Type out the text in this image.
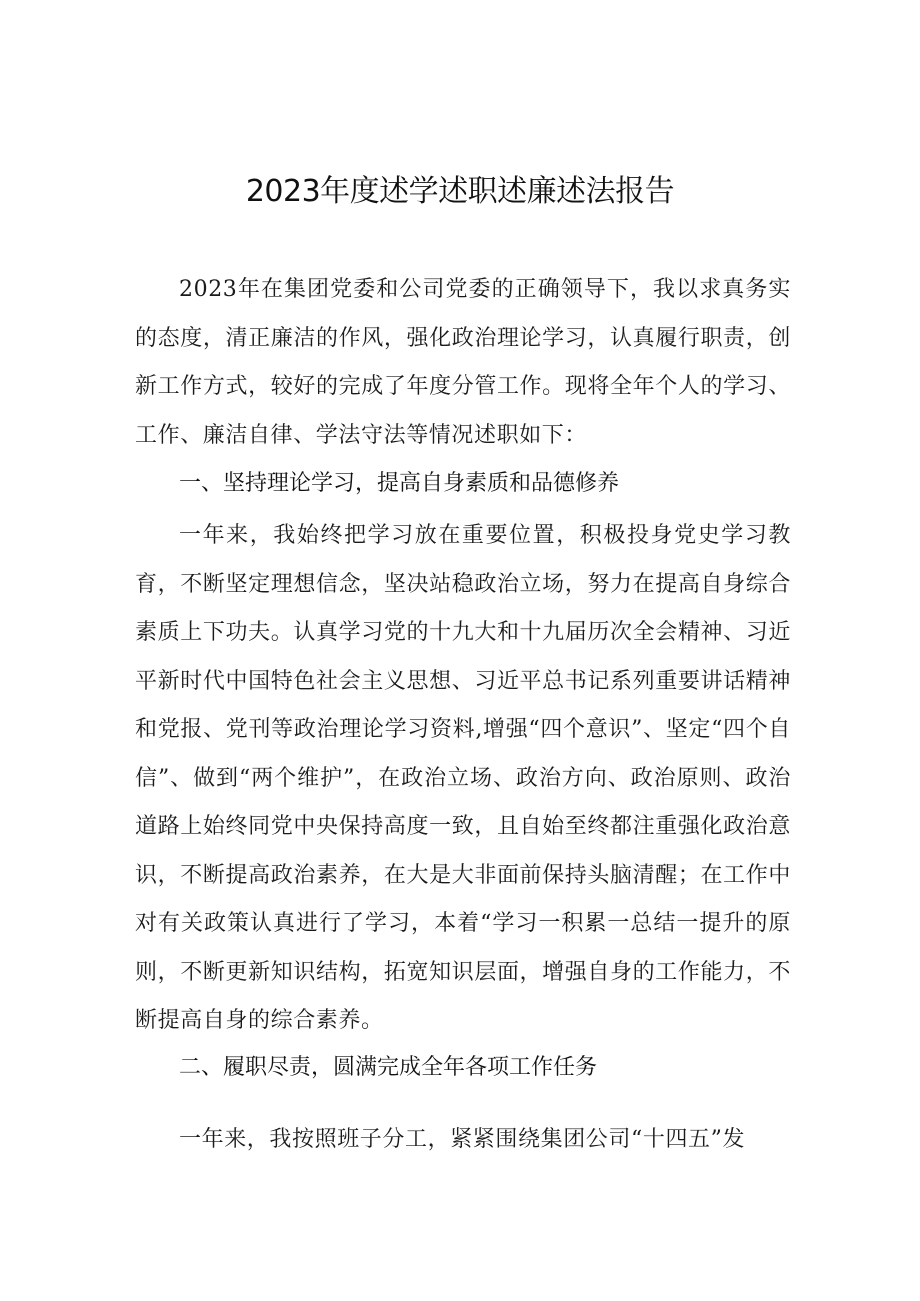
2023年度述学述职述廉述法报告

2023年在集团党委和公司党委的正确领导下，我以求真务实的态度，清正廉洁的作风，强化政治理论学习，认真履行职责，创新工作方式，较好的完成了年度分管工作。现将全年个人的学习、工作、廉洁自律、学法守法等情况述职如下：

一、坚持理论学习，提高自身素质和品德修养

一年来，我始终把学习放在重要位置，积极投身党史学习教育，不断坚定理想信念，坚决站稳政治立场，努力在提高自身综合素质上下功夫。认真学习党的十九大和十九届历次全会精神、习近平新时代中国特色社会主义思想、习近平总书记系列重要讲话精神和党报、党刊等政治理论学习资料,增强“四个意识”、坚定“四个自信”、做到“两个维护”，在政治立场、政治方向、政治原则、政治道路上始终同党中央保持高度一致，且自始至终都注重强化政治意识，不断提高政治素养，在大是大非面前保持头脑清醒；在工作中对有关政策认真进行了学习，本着“学习一积累一总结一提升的原则，不断更新知识结构，拓宽知识层面，增强自身的工作能力，不断提高自身的综合素养。

二、履职尽责，圆满完成全年各项工作任务

一年来，我按照班子分工，紧紧围绕集团公司“十四五”发
